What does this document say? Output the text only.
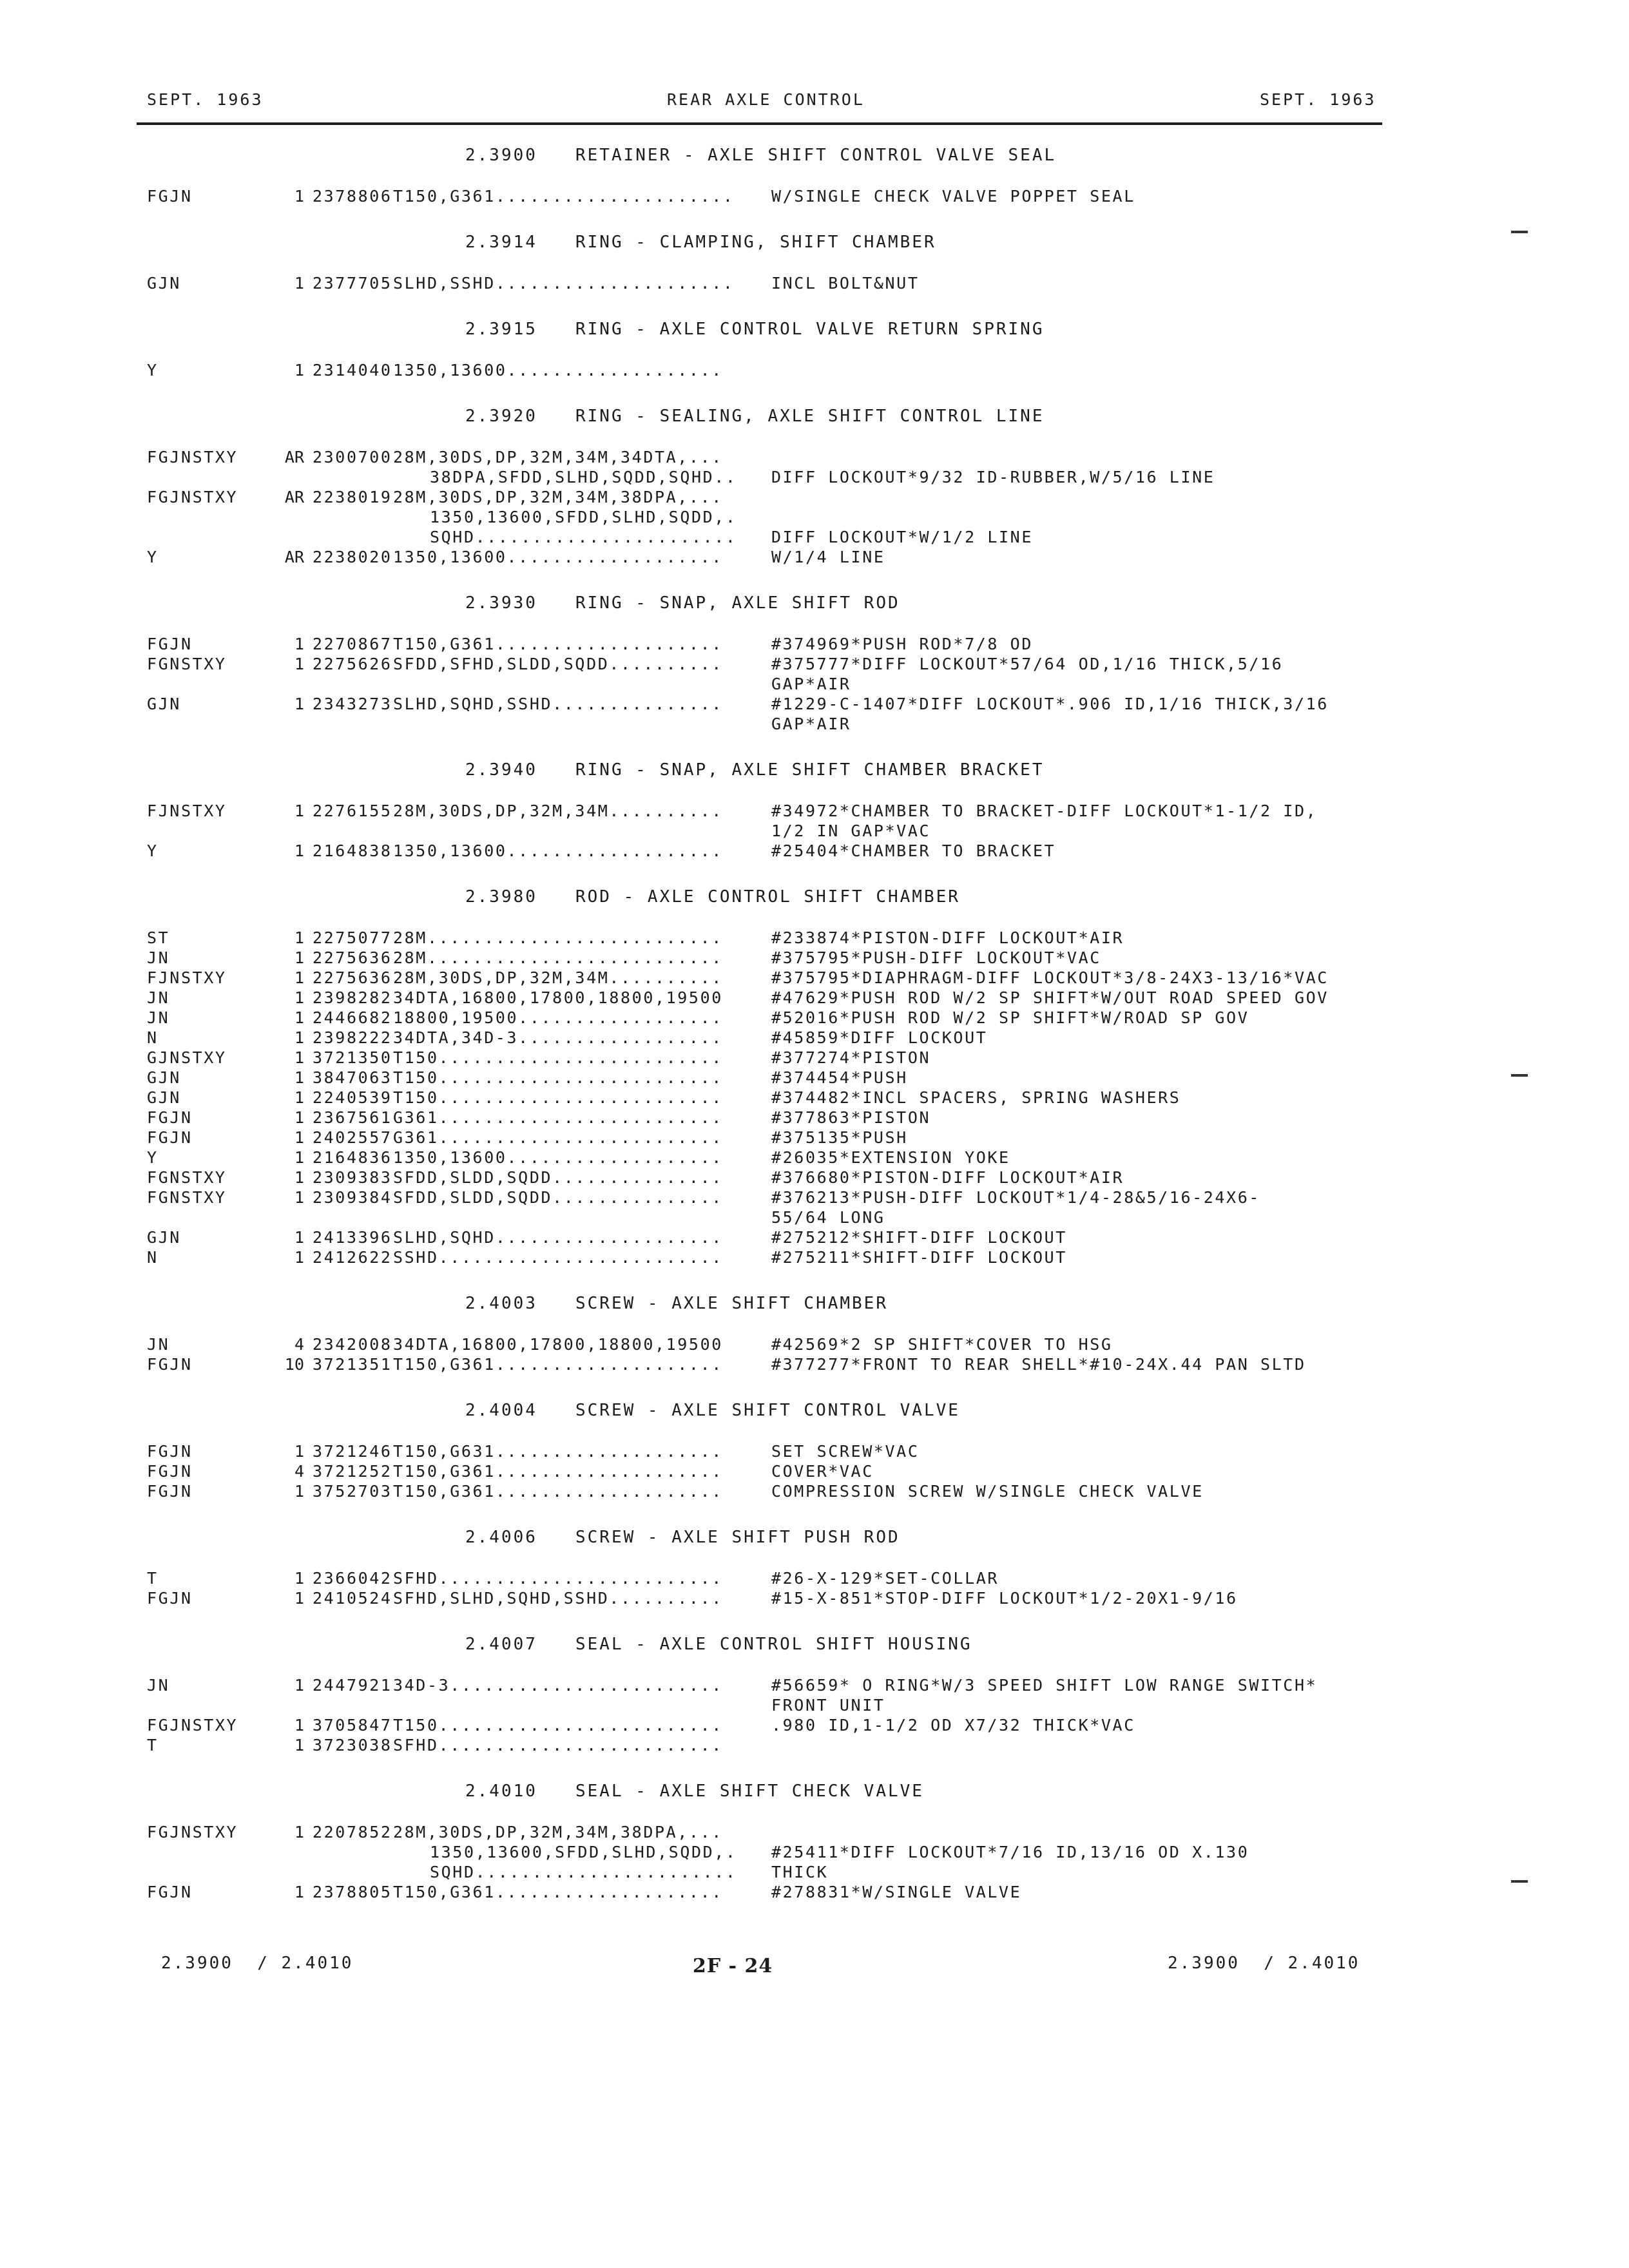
SEPT. 1963	REAR AXLE CONTROL	SEPT. 1963
2.3900 RETAINER - AXLE SHIFT CONTROL VALVE SEAL
FGJN	1 2378806 T150,G361..................... W/SINGLE CHECK VALVE POPPET SEAL
2.3914 RING - CLAMPING, SHIFT CHAMBER
GJN	1 2377705 SLHD,SSHD..................... INCL BOLT&NUT
2.3915 RING - AXLE CONTROL VALVE RETURN SPRING
Y	1 2314040 1350,13600...................
2.3920 RING - SEALING, AXLE SHIFT CONTROL LINE
FGJNSTXY	AR 2300700 28M,30DS,DP,32M,34M,34DTA,...
38DPA,SFDD,SLHD,SQDD,SQHD.. DIFF LOCKOUT*9/32 ID-RUBBER,W/5/16 LINE
FGJNSTXY	AR 2238019 28M,30DS,DP,32M,34M,38DPA,...
1350,13600,SFDD,SLHD,SQDD,.
SQHD....................... DIFF LOCKOUT*W/1/2 LINE
Y	AR 2238020 1350,13600...................	W/1/4 LINE
2.3930 RING - SNAP, AXLE SHIFT ROD
FGJN	1 2270867 T150,G361....................	#374969*PUSH ROD*7/8 OD
FGNSTXY	1 2275626 SFDD,SFHD,SLDD,SQDD..........	#375777*DIFF LOCKOUT*57/64 OD,1/16 THICK,5/16
GAP*AIR
GJN	1 2343273 SLHD,SQHD,SSHD...............	#1229-C-1407*DIFF LOCKOUT*.906 ID,1/16 THICK,3/16
GAP*AIR
2.3940 RING - SNAP, AXLE SHIFT CHAMBER BRACKET
FJNSTXY	1 2276155 28M,30DS,DP,32M,34M..........	#34972*CHAMBER TO BRACKET-DIFF LOCKOUT*1-1/2 ID,
1/2 IN GAP*VAC
Y	1 2164838 1350,13600...................	#25404*CHAMBER TO BRACKET
2.3980 ROD - AXLE CONTROL SHIFT CHAMBER
ST	1 2275077 28M..........................	#233874*PISTON-DIFF LOCKOUT*AIR
JN	1 2275636 28M..........................	#375795*PUSH-DIFF LOCKOUT*VAC
FJNSTXY	1 2275636 28M,30DS,DP,32M,34M..........	#375795*DIAPHRAGM-DIFF LOCKOUT*3/8-24X3-13/16*VAC
JN	1 2398282 34DTA,16800,17800,18800,19500	#47629*PUSH ROD W/2 SP SHIFT*W/OUT ROAD SPEED GOV
JN	1 2446682 18800,19500..................	#52016*PUSH ROD W/2 SP SHIFT*W/ROAD SP GOV
N	1 2398222 34DTA,34D-3..................	#45859*DIFF LOCKOUT
GJNSTXY	1 3721350 T150.........................	#377274*PISTON
GJN	1 3847063 T150.........................	#374454*PUSH
GJN	1 2240539 T150.........................	#374482*INCL SPACERS, SPRING WASHERS
FGJN	1 2367561 G361.........................	#377863*PISTON
FGJN	1 2402557 G361.........................	#375135*PUSH
Y	1 2164836 1350,13600...................	#26035*EXTENSION YOKE
FGNSTXY	1 2309383 SFDD,SLDD,SQDD...............	#376680*PISTON-DIFF LOCKOUT*AIR
FGNSTXY	1 2309384 SFDD,SLDD,SQDD...............	#376213*PUSH-DIFF LOCKOUT*1/4-28&5/16-24X6-
55/64 LONG
GJN	1 2413396 SLHD,SQHD....................	#275212*SHIFT-DIFF LOCKOUT
N	1 2412622 SSHD.........................	#275211*SHIFT-DIFF LOCKOUT
2.4003 SCREW - AXLE SHIFT CHAMBER
JN	4 2342008 34DTA,16800,17800,18800,19500	#42569*2 SP SHIFT*COVER TO HSG
FGJN	10 3721351 T150,G361....................	#377277*FRONT TO REAR SHELL*#10-24X.44 PAN SLTD
2.4004 SCREW - AXLE SHIFT CONTROL VALVE
FGJN	1 3721246 T150,G631....................	SET SCREW*VAC
FGJN	4 3721252 T150,G361....................	COVER*VAC
FGJN	1 3752703 T150,G361....................	COMPRESSION SCREW W/SINGLE CHECK VALVE
2.4006 SCREW - AXLE SHIFT PUSH ROD
T	1 2366042 SFHD.........................	#26-X-129*SET-COLLAR
FGJN	1 2410524 SFHD,SLHD,SQHD,SSHD..........	#15-X-851*STOP-DIFF LOCKOUT*1/2-20X1-9/16
2.4007 SEAL - AXLE CONTROL SHIFT HOUSING
JN	1 2447921 34D-3........................	#56659* O RING*W/3 SPEED SHIFT LOW RANGE SWITCH*
FRONT UNIT
FGJNSTXY	1 3705847 T150.........................	.980 ID,1-1/2 OD X7/32 THICK*VAC
T	1 3723038 SFHD.........................
2.4010 SEAL - AXLE SHIFT CHECK VALVE
FGJNSTXY	1 2207852 28M,30DS,DP,32M,34M,38DPA,...
1350,13600,SFDD,SLHD,SQDD,. #25411*DIFF LOCKOUT*7/16 ID,13/16 OD X.130
SQHD....................... THICK
FGJN	1 2378805 T150,G361....................	#278831*W/SINGLE VALVE
2.3900  / 2.4010	2F - 24	2.3900  / 2.4010
